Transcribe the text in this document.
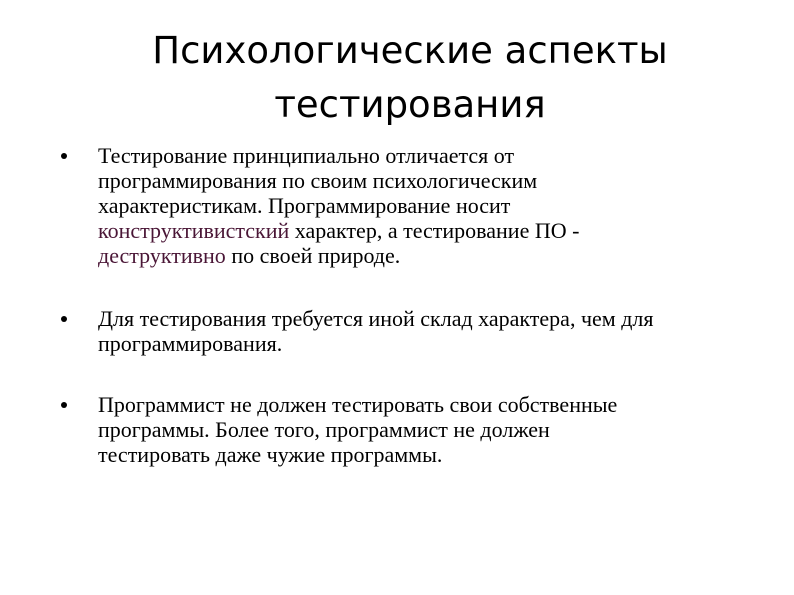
Психологические аспекты
тестирования
Тестирование принципиально отличается от
программирования по своим психологическим
характеристикам. Программирование носит
конструктивистский характер, а тестирование ПО -
деструктивно по своей природе.
Для тестирования требуется иной склад характера, чем для
программирования.
Программист не должен тестировать свои собственные
программы. Более того, программист не должен
тестировать даже чужие программы.
